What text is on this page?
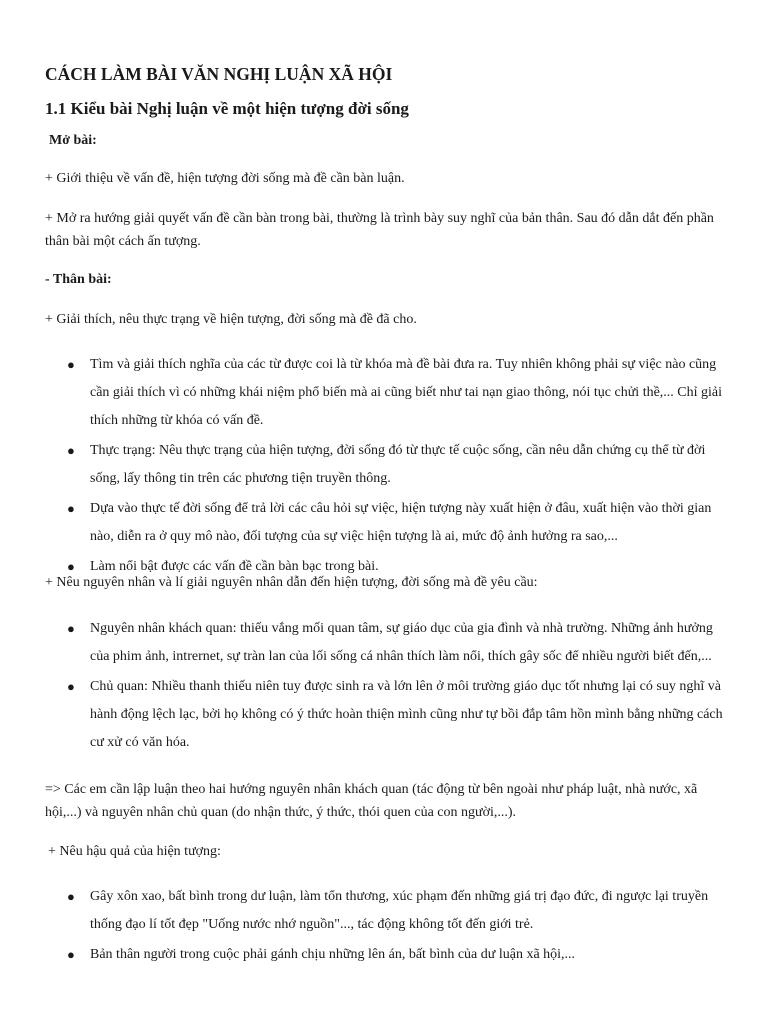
CÁCH LÀM BÀI VĂN NGHỊ LUẬN XÃ HỘI
1.1 Kiểu bài Nghị luận về một hiện tượng đời sống
Mở bài:
+ Giới thiệu về vấn đề, hiện tượng đời sống mà đề cần bàn luận.
+ Mở ra hướng giải quyết vấn đề cần bàn trong bài, thường là trình bày suy nghĩ của bản thân. Sau đó dẫn dắt đến phần thân bài một cách ấn tượng.
- Thân bài:
+ Giải thích, nêu thực trạng về hiện tượng, đời sống mà đề đã cho.
● Tìm và giải thích nghĩa của các từ được coi là từ khóa mà đề bài đưa ra. Tuy nhiên không phải sự việc nào cũng cần giải thích vì có những khái niệm phổ biến mà ai cũng biết như tai nạn giao thông, nói tục chửi thề,... Chỉ giải thích những từ khóa có vấn đề.
● Thực trạng: Nêu thực trạng của hiện tượng, đời sống đó từ thực tế cuộc sống, cần nêu dẫn chứng cụ thể từ đời sống, lấy thông tin trên các phương tiện truyền thông.
● Dựa vào thực tế đời sống để trả lời các câu hỏi sự việc, hiện tượng này xuất hiện ở đâu, xuất hiện vào thời gian nào, diễn ra ở quy mô nào, đối tượng của sự việc hiện tượng là ai, mức độ ảnh hưởng ra sao,...
● Làm nổi bật được các vấn đề cần bàn bạc trong bài.
+ Nêu nguyên nhân và lí giải nguyên nhân dẫn đến hiện tượng, đời sống mà đề yêu cầu:
● Nguyên nhân khách quan: thiếu vắng mối quan tâm, sự giáo dục của gia đình và nhà trường. Những ảnh hưởng của phim ảnh, intrernet, sự tràn lan của lối sống cá nhân thích làm nổi, thích gây sốc để nhiều người biết đến,...
● Chủ quan: Nhiều thanh thiếu niên tuy được sinh ra và lớn lên ở môi trường giáo dục tốt nhưng lại có suy nghĩ và hành động lệch lạc, bởi họ không có ý thức hoàn thiện mình cũng như tự bồi đắp tâm hồn mình bằng những cách cư xử có văn hóa.
=> Các em cần lập luận theo hai hướng nguyên nhân khách quan (tác động từ bên ngoài như pháp luật, nhà nước, xã hội,...) và nguyên nhân chủ quan (do nhận thức, ý thức, thói quen của con người,...).
+ Nêu hậu quả của hiện tượng:
● Gây xôn xao, bất bình trong dư luận, làm tổn thương, xúc phạm đến những giá trị đạo đức, đi ngược lại truyền thống đạo lí tốt đẹp "Uống nước nhớ nguồn"..., tác động không tốt đến giới trẻ.
● Bản thân người trong cuộc phải gánh chịu những lên án, bất bình của dư luận xã hội,...
